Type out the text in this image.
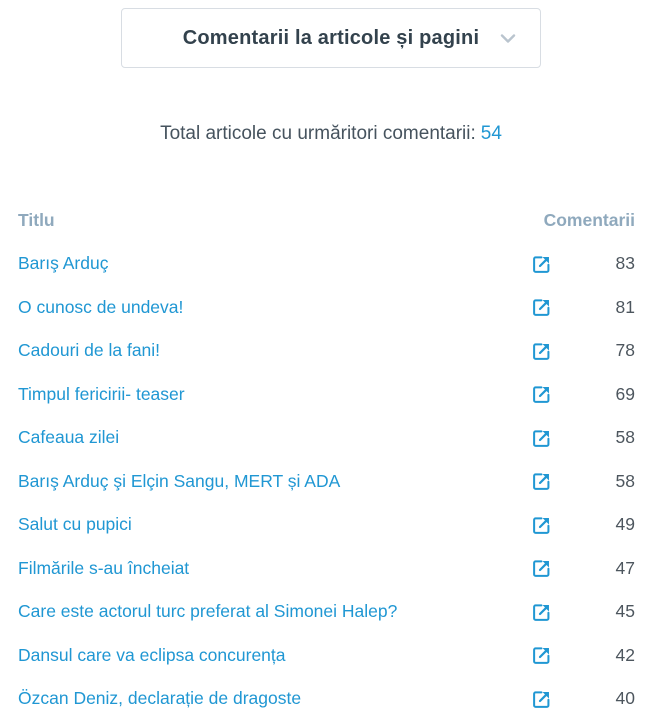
Comentarii la articole și pagini

Total articole cu urmăritori comentarii: 54

Titlu	Comentarii
Barış Arduç	83
O cunosc de undeva!	81
Cadouri de la fani!	78
Timpul fericirii- teaser	69
Cafeaua zilei	58
Barış Arduç şi Elçin Sangu, MERT și ADA	58
Salut cu pupici	49
Filmările s-au încheiat	47
Care este actorul turc preferat al Simonei Halep?	45
Dansul care va eclipsa concurența	42
Özcan Deniz, declarație de dragoste	40
